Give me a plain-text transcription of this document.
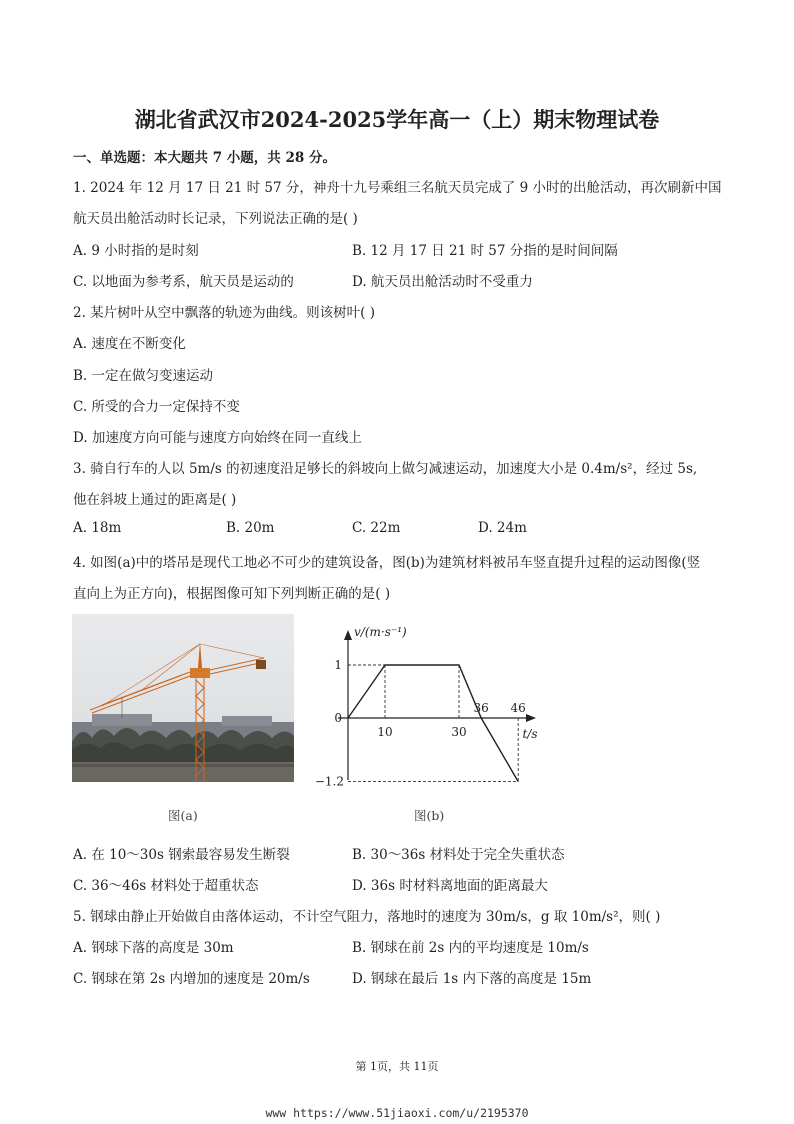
湖北省武汉市2024-2025学年高一（上）期末物理试卷
一、单选题：本大题共 7 小题，共 28 分。
1. 2024 年 12 月 17 日 21 时 57 分，神舟十九号乘组三名航天员完成了 9 小时的出舱活动，再次刷新中国
航天员出舱活动时长记录，下列说法正确的是( )
A. 9 小时指的是时刻	B. 12 月 17 日 21 时 57 分指的是时间间隔
C. 以地面为参考系，航天员是运动的	D. 航天员出舱活动时不受重力
2. 某片树叶从空中飘落的轨迹为曲线。则该树叶( )
A. 速度在不断变化
B. 一定在做匀变速运动
C. 所受的合力一定保持不变
D. 加速度方向可能与速度方向始终在同一直线上
3. 骑自行车的人以 5m/s 的初速度沿足够长的斜坡向上做匀减速运动，加速度大小是 0.4m/s²，经过 5s,
他在斜坡上通过的距离是( )
A. 18m	B. 20m	C. 22m	D. 24m
4. 如图(a)中的塔吊是现代工地必不可少的建筑设备，图(b)为建筑材料被吊车竖直提升过程的运动图像(竖
直向上为正方向)，根据图像可知下列判断正确的是( )
图(a)
v/(m·s⁻¹)
t/s
1
0
−1.2
10	30
36 46
图(b)
A. 在 10～30s 钢索最容易发生断裂	B. 30～36s 材料处于完全失重状态
C. 36～46s 材料处于超重状态	D. 36s 时材料离地面的距离最大
5. 钢球由静止开始做自由落体运动，不计空气阻力，落地时的速度为 30m/s，g 取 10m/s²，则( )
A. 钢球下落的高度是 30m	B. 钢球在前 2s 内的平均速度是 10m/s
C. 钢球在第 2s 内增加的速度是 20m/s	D. 钢球在最后 1s 内下落的高度是 15m
第 1页，共 11页
www https://www.51jiaoxi.com/u/2195370
